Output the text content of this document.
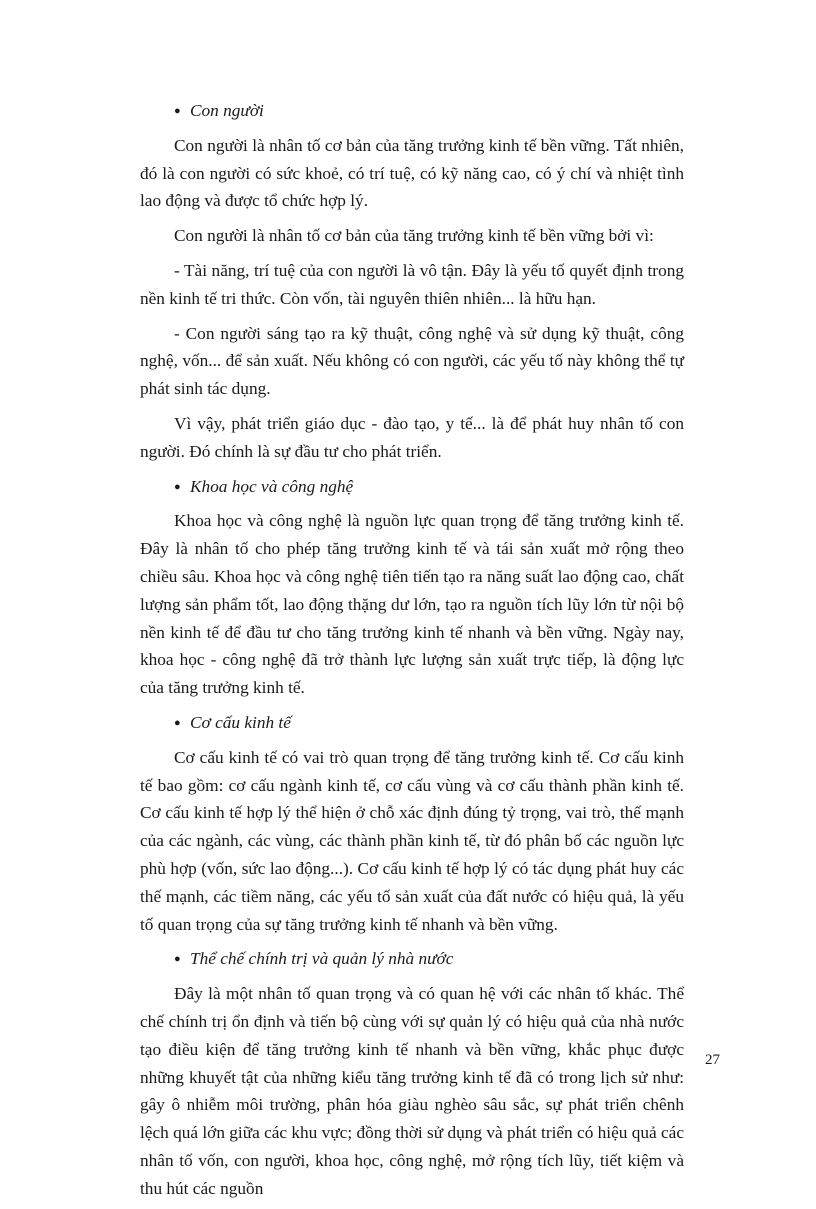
● Con người

Con người là nhân tố cơ bản của tăng trưởng kinh tế bền vững. Tất nhiên, đó là con người có sức khoẻ, có trí tuệ, có kỹ năng cao, có ý chí và nhiệt tình lao động và được tổ chức hợp lý.

Con người là nhân tố cơ bản của tăng trưởng kinh tế bền vững bởi vì:

- Tài năng, trí tuệ của con người là vô tận. Đây là yếu tố quyết định trong nền kinh tế tri thức. Còn vốn, tài nguyên thiên nhiên... là hữu hạn.

- Con người sáng tạo ra kỹ thuật, công nghệ và sử dụng kỹ thuật, công nghệ, vốn... để sản xuất. Nếu không có con người, các yếu tố này không thể tự phát sinh tác dụng.

Vì vậy, phát triển giáo dục - đào tạo, y tế... là để phát huy nhân tố con người. Đó chính là sự đầu tư cho phát triển.

● Khoa học và công nghệ

Khoa học và công nghệ là nguồn lực quan trọng để tăng trưởng kinh tế. Đây là nhân tố cho phép tăng trưởng kinh tế và tái sản xuất mở rộng theo chiều sâu. Khoa học và công nghệ tiên tiến tạo ra năng suất lao động cao, chất lượng sản phẩm tốt, lao động thặng dư lớn, tạo ra nguồn tích lũy lớn từ nội bộ nền kinh tế để đầu tư cho tăng trưởng kinh tế nhanh và bền vững. Ngày nay, khoa học - công nghệ đã trở thành lực lượng sản xuất trực tiếp, là động lực của tăng trưởng kinh tế.

● Cơ cấu kinh tế

Cơ cấu kinh tế có vai trò quan trọng để tăng trưởng kinh tế. Cơ cấu kinh tế bao gồm: cơ cấu ngành kinh tế, cơ cấu vùng và cơ cấu thành phần kinh tế. Cơ cấu kinh tế hợp lý thể hiện ở chỗ xác định đúng tỷ trọng, vai trò, thế mạnh của các ngành, các vùng, các thành phần kinh tế, từ đó phân bố các nguồn lực phù hợp (vốn, sức lao động...). Cơ cấu kinh tế hợp lý có tác dụng phát huy các thế mạnh, các tiềm năng, các yếu tố sản xuất của đất nước có hiệu quả, là yếu tố quan trọng của sự tăng trưởng kinh tế nhanh và bền vững.

● Thể chế chính trị và quản lý nhà nước

Đây là một nhân tố quan trọng và có quan hệ với các nhân tố khác. Thể chế chính trị ổn định và tiến bộ cùng với sự quản lý có hiệu quả của nhà nước tạo điều kiện để tăng trưởng kinh tế nhanh và bền vững, khắc phục được những khuyết tật của những kiểu tăng trưởng kinh tế đã có trong lịch sử như: gây ô nhiễm môi trường, phân hóa giàu nghèo sâu sắc, sự phát triển chênh lệch quá lớn giữa các khu vực; đồng thời sử dụng và phát triển có hiệu quả các nhân tố vốn, con người, khoa học, công nghệ, mở rộng tích lũy, tiết kiệm và thu hút các nguồn

27
